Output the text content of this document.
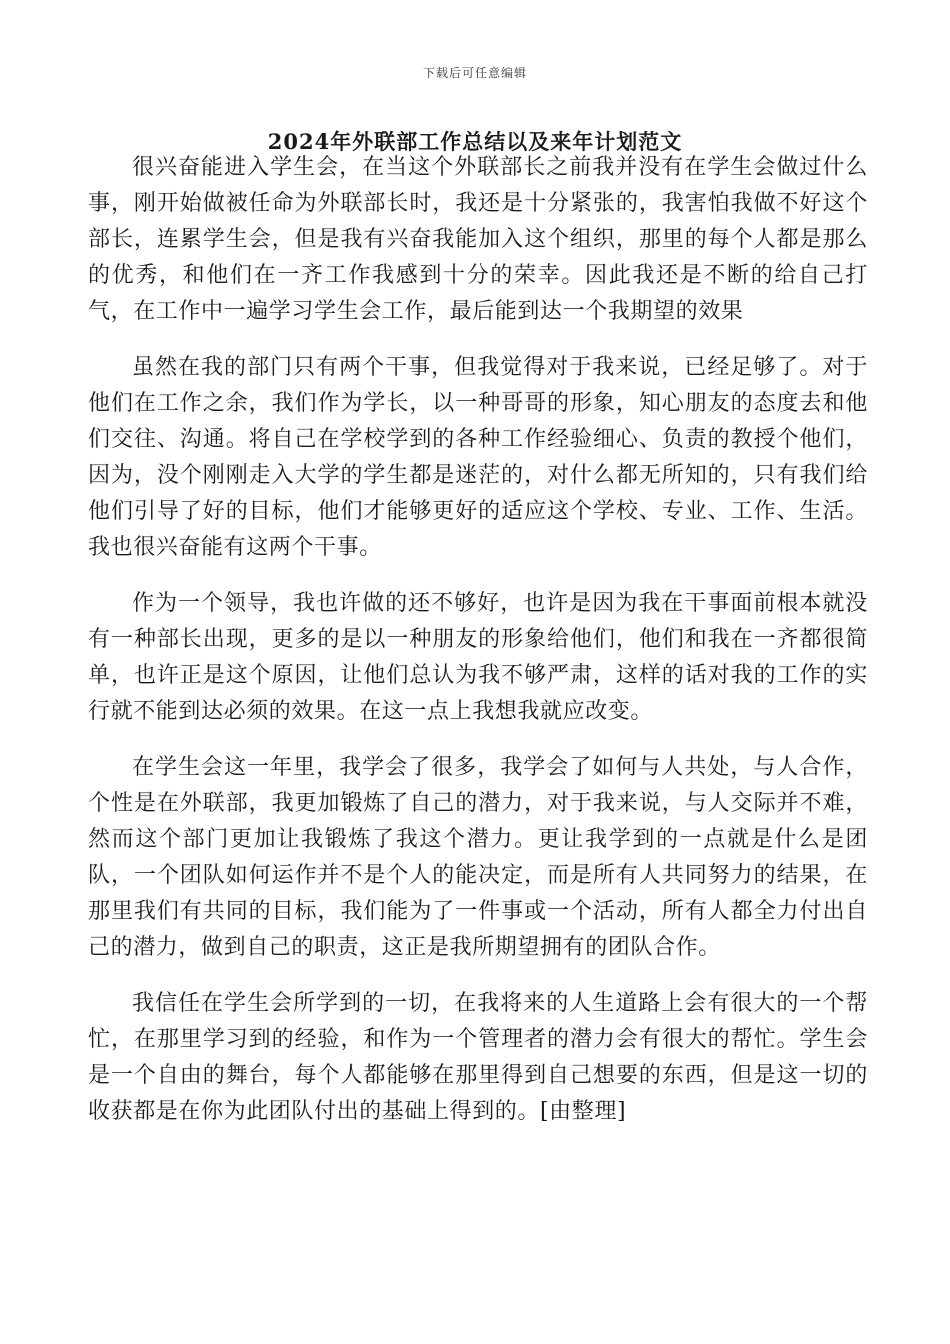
下载后可任意编辑
2024年外联部工作总结以及来年计划范文

很兴奋能进入学生会，在当这个外联部长之前我并没有在学生会做过什么事，刚开始做被任命为外联部长时，我还是十分紧张的，我害怕我做不好这个部长，连累学生会，但是我有兴奋我能加入这个组织，那里的每个人都是那么的优秀，和他们在一齐工作我感到十分的荣幸。因此我还是不断的给自己打气，在工作中一遍学习学生会工作，最后能到达一个我期望的效果

虽然在我的部门只有两个干事，但我觉得对于我来说，已经足够了。对于他们在工作之余，我们作为学长，以一种哥哥的形象，知心朋友的态度去和他们交往、沟通。将自己在学校学到的各种工作经验细心、负责的教授个他们，因为，没个刚刚走入大学的学生都是迷茫的，对什么都无所知的，只有我们给他们引导了好的目标，他们才能够更好的适应这个学校、专业、工作、生活。我也很兴奋能有这两个干事。

作为一个领导，我也许做的还不够好，也许是因为我在干事面前根本就没有一种部长出现，更多的是以一种朋友的形象给他们，他们和我在一齐都很简单，也许正是这个原因，让他们总认为我不够严肃，这样的话对我的工作的实行就不能到达必须的效果。在这一点上我想我就应改变。

在学生会这一年里，我学会了很多，我学会了如何与人共处，与人合作，个性是在外联部，我更加锻炼了自己的潜力，对于我来说，与人交际并不难，然而这个部门更加让我锻炼了我这个潜力。更让我学到的一点就是什么是团队，一个团队如何运作并不是个人的能决定，而是所有人共同努力的结果，在那里我们有共同的目标，我们能为了一件事或一个活动，所有人都全力付出自己的潜力，做到自己的职责，这正是我所期望拥有的团队合作。

我信任在学生会所学到的一切，在我将来的人生道路上会有很大的一个帮忙，在那里学习到的经验，和作为一个管理者的潜力会有很大的帮忙。学生会是一个自由的舞台，每个人都能够在那里得到自己想要的东西，但是这一切的收获都是在你为此团队付出的基础上得到的。[由整理]
